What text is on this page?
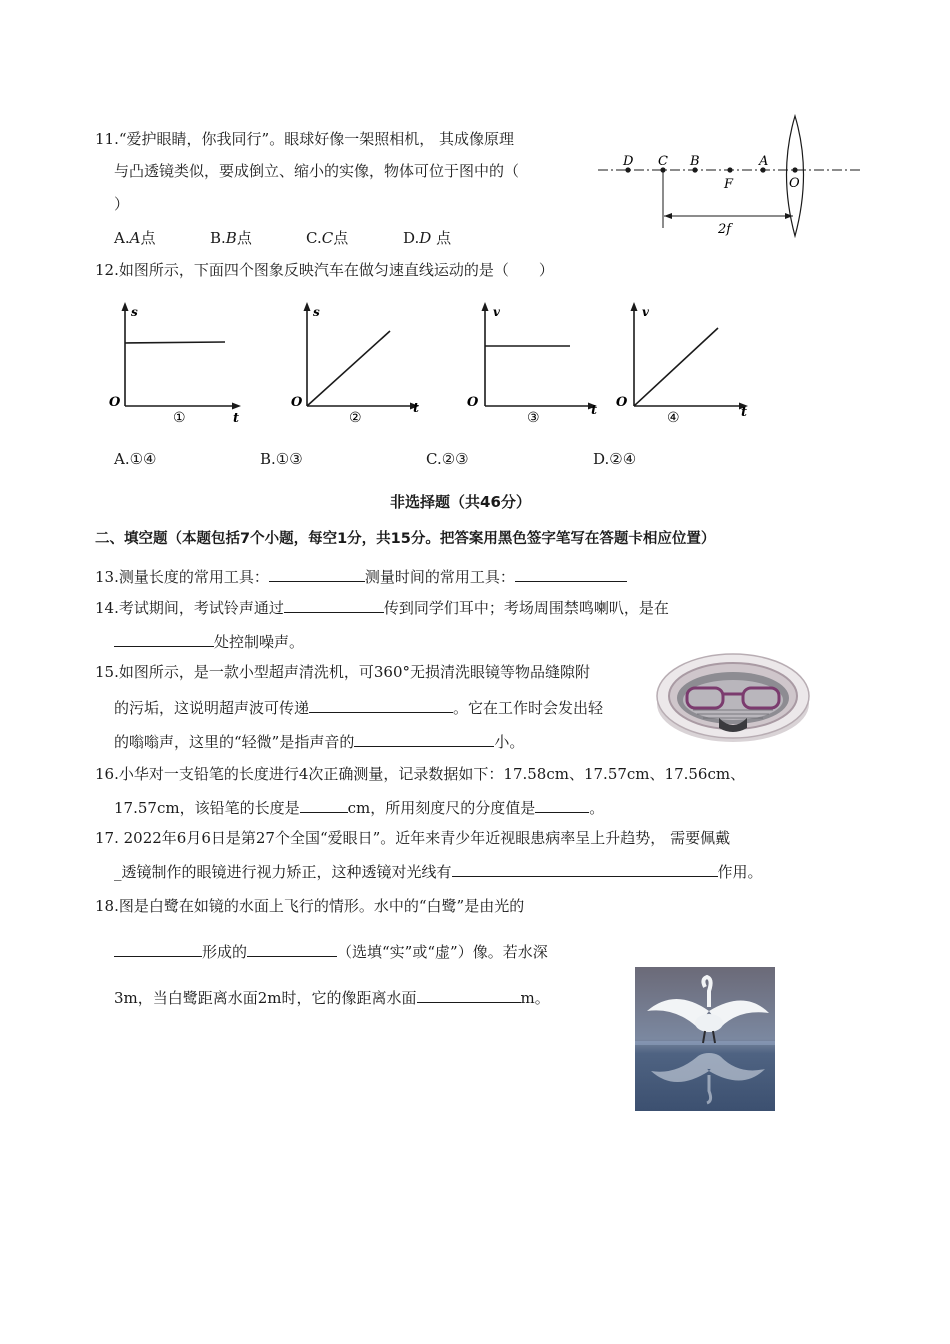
11.“爱护眼睛，你我同行”。眼球好像一架照相机， 其成像原理
与凸透镜类似，要成倒立、缩小的实像，物体可位于图中的（
）
A.A点	B.B点	C.C点	D.D 点
D C B
F
A
O
2f
12.如图所示，下面四个图象反映汽车在做匀速直线运动的是（　　）
s
O
t
①
s
O	t
②
v
O
t
③
v
O
t
④
A.①④	B.①③	C.②③	D.②④
非选择题（共46分）
二、填空题（本题包括7个小题，每空1分，共15分。把答案用黑色签字笔写在答题卡相应位置）
13.测量长度的常用工具：	测量时间的常用工具：
14.考试期间，考试铃声通过	传到同学们耳中；考场周围禁鸣喇叭，是在
处控制噪声。
15.如图所示，是一款小型超声清洗机，可360°无损清洗眼镜等物品缝隙附
的污垢，这说明超声波可传递	。它在工作时会发出轻
的嗡嗡声，这里的“轻微”是指声音的	小。
16.小华对一支铅笔的长度进行4次正确测量，记录数据如下：17.58cm、17.57cm、17.56cm、
17.57cm，该铅笔的长度是	cm，所用刻度尺的分度值是	。
17. 2022年6月6日是第27个全国“爱眼日”。近年来青少年近视眼患病率呈上升趋势， 需要佩戴
_透镜制作的眼镜进行视力矫正，这种透镜对光线有	作用。
18.图是白鹭在如镜的水面上飞行的情形。水中的“白鹭”是由光的
形成的	（选填“实”或“虚”）像。若水深
3m，当白鹭距离水面2m时，它的像距离水面	m。
